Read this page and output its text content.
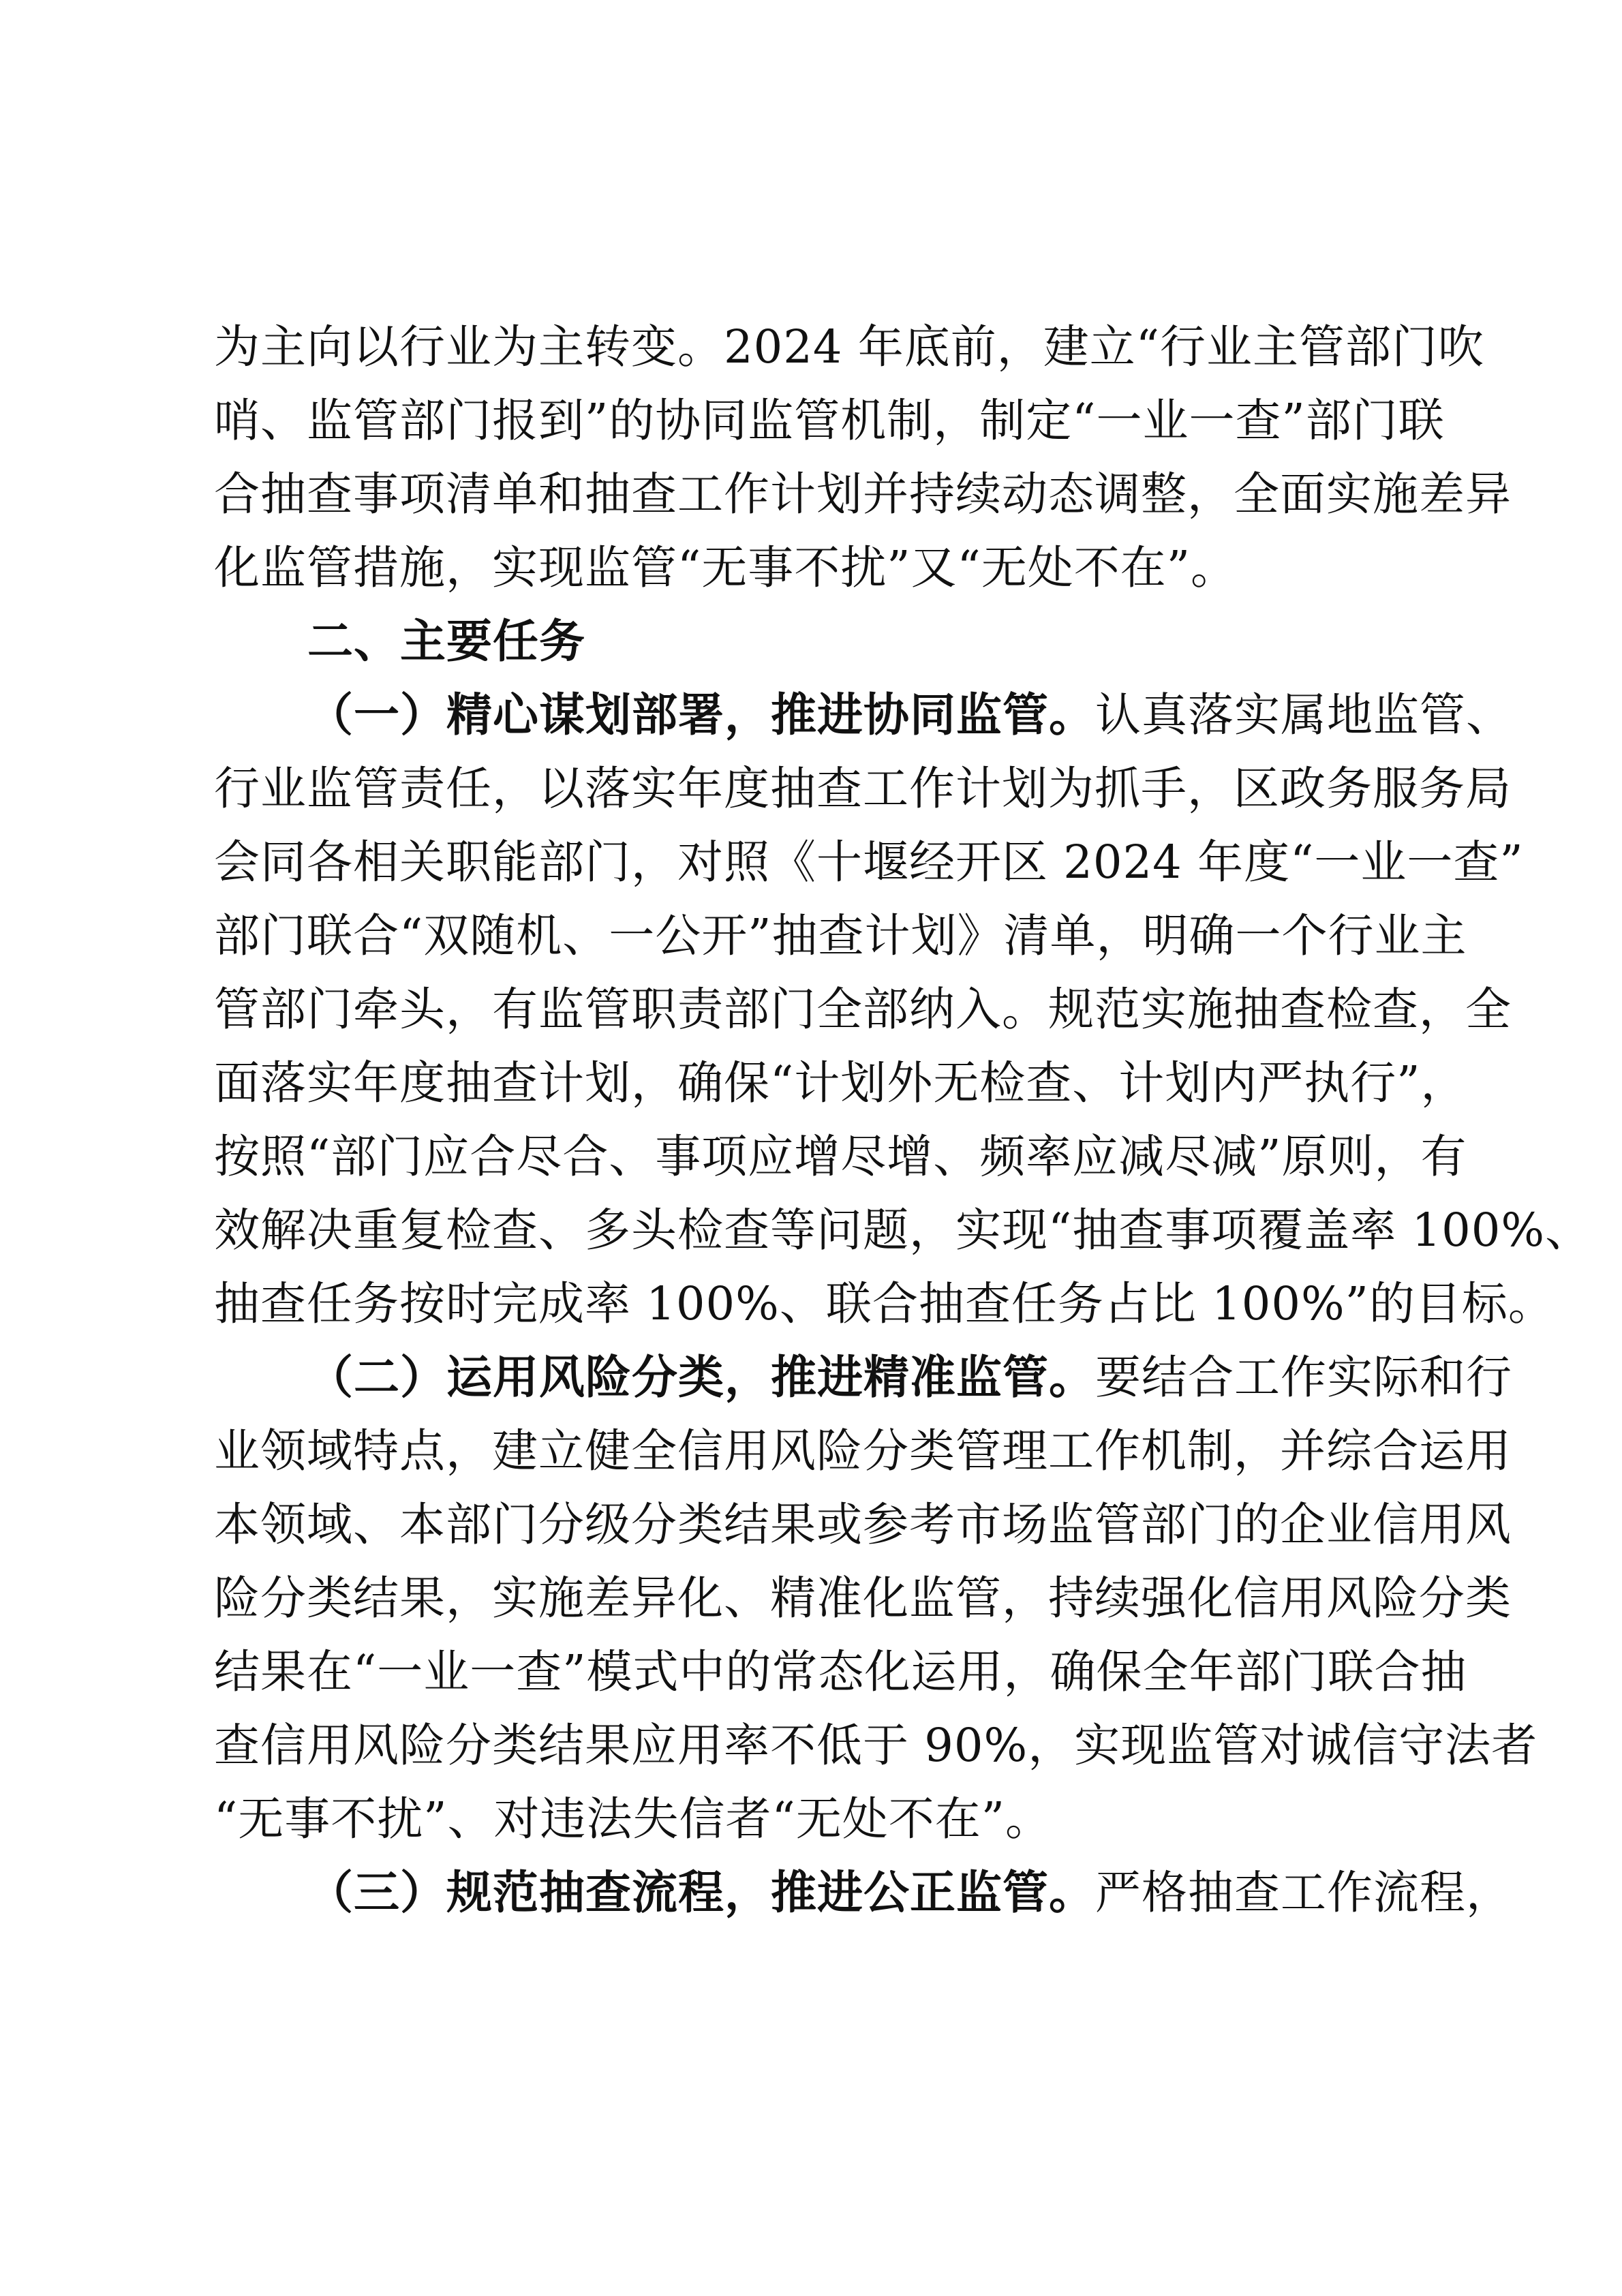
为主向以行业为主转变。2024 年底前，建立“行业主管部门吹
哨、监管部门报到”的协同监管机制，制定“一业一查”部门联
合抽查事项清单和抽查工作计划并持续动态调整，全面实施差异
化监管措施，实现监管“无事不扰”又“无处不在”。
二、主要任务
（一）精心谋划部署，推进协同监管。认真落实属地监管、
行业监管责任，以落实年度抽查工作计划为抓手，区政务服务局
会同各相关职能部门，对照《十堰经开区 2024 年度“一业一查”
部门联合“双随机、一公开”抽查计划》清单，明确一个行业主
管部门牵头，有监管职责部门全部纳入。规范实施抽查检查，全
面落实年度抽查计划，确保“计划外无检查、计划内严执行”，
按照“部门应合尽合、事项应增尽增、频率应减尽减”原则，有
效解决重复检查、多头检查等问题，实现“抽查事项覆盖率 100%、
抽查任务按时完成率 100%、联合抽查任务占比 100%”的目标。
（二）运用风险分类，推进精准监管。要结合工作实际和行
业领域特点，建立健全信用风险分类管理工作机制，并综合运用
本领域、本部门分级分类结果或参考市场监管部门的企业信用风
险分类结果，实施差异化、精准化监管，持续强化信用风险分类
结果在“一业一查”模式中的常态化运用，确保全年部门联合抽
查信用风险分类结果应用率不低于 90%，实现监管对诚信守法者
“无事不扰”、对违法失信者“无处不在”。
（三）规范抽查流程，推进公正监管。严格抽查工作流程，
